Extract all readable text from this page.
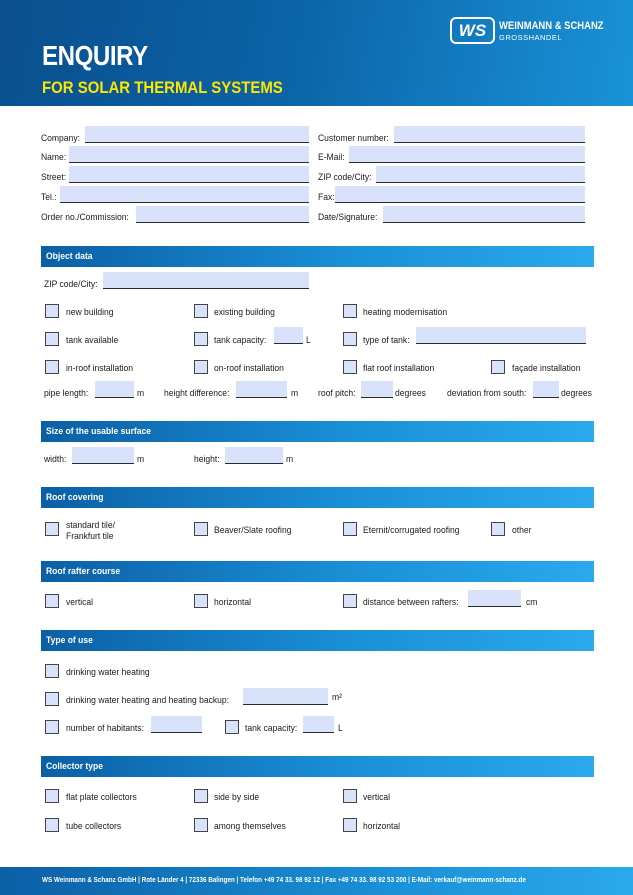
ENQUIRY
FOR SOLAR THERMAL SYSTEMS
WS	WEINMANN & SCHANZ
GROSSHANDEL
Company:
Name:
Street:
Tel.:
Order no./Commission:
Customer number:
E-Mail:
ZIP code/City:
Fax:
Date/Signature:
Object data
ZIP code/City:
new building	existing building	heating modernisation
tank available	tank capacity:	L	type of tank:
in-roof installation	on-roof installation	flat roof installation	façade installation
pipe length:	m height difference:	m roof pitch:	degrees deviation from south:	degrees
Size of the usable surface
width:	m	height:	m
Roof covering
standard tile/
Frankfurt tile
Beaver/Slate roofing	Eternit/corrugated roofing	other
Roof rafter course
vertical	horizontal	distance between rafters:	cm
Type of use
drinking water heating
drinking water heating and heating backup:	m²
number of habitants:	tank capacity:	L
Collector type
flat plate collectors	side by side	vertical
tube collectors	among themselves	horizontal
WS Weinmann & Schanz GmbH | Rote Länder 4 | 72336 Balingen | Telefon +49 74 33. 98 92 12 | Fax +49 74 33. 98 92 53 200 | E-Mail: verkauf@weinmann-schanz.de
